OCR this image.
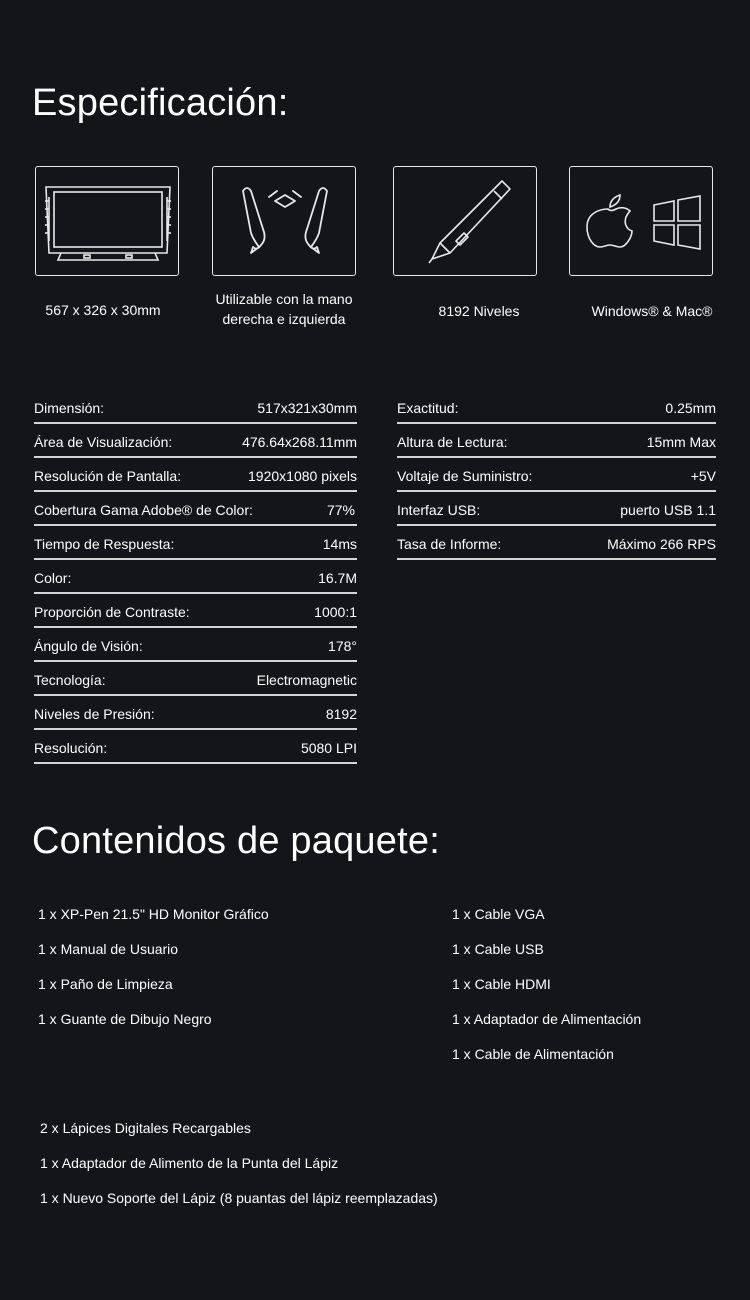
Especificación:
567 x 326 x 30mm
Utilizable con la mano
derecha e izquierda	8192 Niveles	Windows® & Mac®
Dimensión:	517x321x30mm
Área de Visualización:	476.64x268.11mm
Resolución de Pantalla:	1920x1080 pixels
Cobertura Gama Adobe® de Color:	77%
Tiempo de Respuesta:	14ms
Color:	16.7M
Proporción de Contraste:	1000:1
Ángulo de Visión:	178°
Tecnología:	Electromagnetic
Niveles de Presión:	8192
Resolución:	5080 LPI
Exactitud:	0.25mm
Altura de Lectura:	15mm Max
Voltaje de Suministro:	+5V
Interfaz USB:	puerto USB 1.1
Tasa de Informe:	Máximo 266 RPS
Contenidos de paquete:
1 x XP-Pen 21.5" HD Monitor Gráfico
1 x Manual de Usuario
1 x Paño de Limpieza
1 x Guante de Dibujo Negro
1 x Cable VGA
1 x Cable USB
1 x Cable HDMI
1 x Adaptador de Alimentación
1 x Cable de Alimentación
2 x Lápices Digitales Recargables
1 x Adaptador de Alimento de la Punta del Lápiz
1 x Nuevo Soporte del Lápiz (8 puantas del lápiz reemplazadas)
